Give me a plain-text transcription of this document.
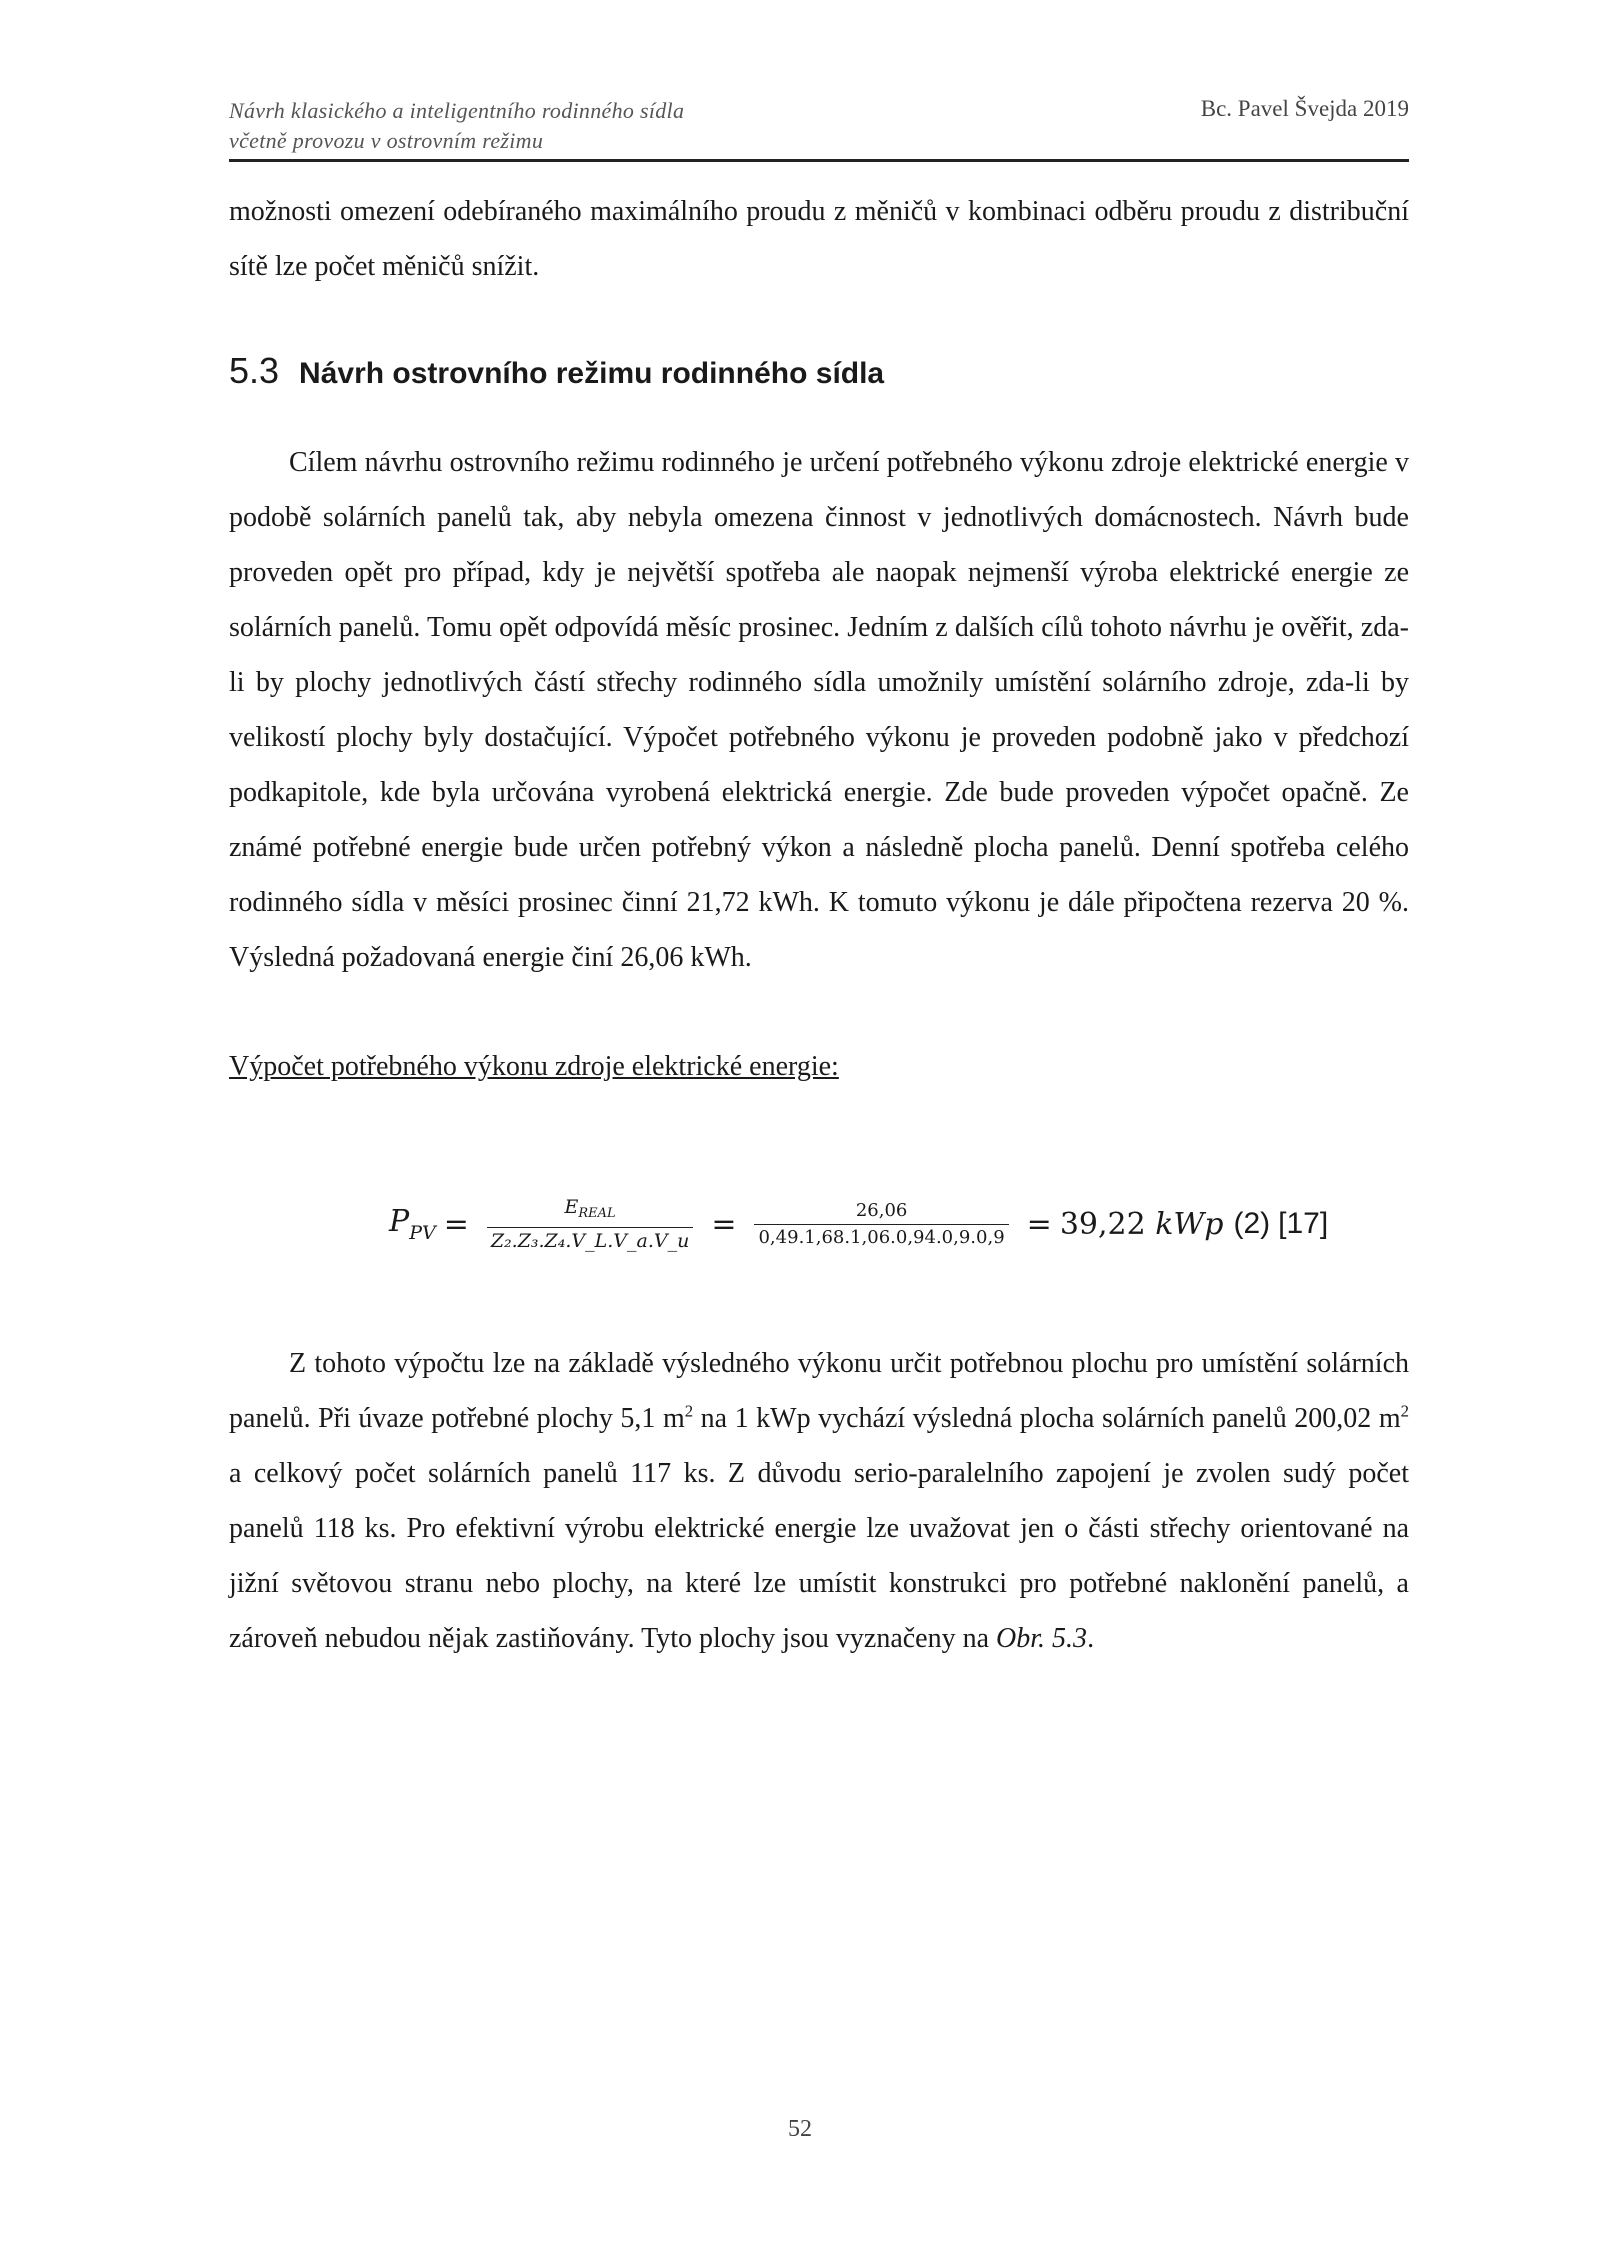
Návrh klasického a inteligentního rodinného sídla
včetně provozu v ostrovním režimu
Bc. Pavel Švejda 2019

možnosti omezení odebíraného maximálního proudu z měničů v kombinaci odběru proudu z distribuční sítě lze počet měničů snížit.

5.3 Návrh ostrovního režimu rodinného sídla

Cílem návrhu ostrovního režimu rodinného je určení potřebného výkonu zdroje elektrické energie v podobě solárních panelů tak, aby nebyla omezena činnost v jednotlivých domácnostech. Návrh bude proveden opět pro případ, kdy je největší spotřeba ale naopak nejmenší výroba elektrické energie ze solárních panelů. Tomu opět odpovídá měsíc prosinec. Jedním z dalších cílů tohoto návrhu je ověřit, zda-li by plochy jednotlivých částí střechy rodinného sídla umožnily umístění solárního zdroje, zda-li by velikostí plochy byly dostačující. Výpočet potřebného výkonu je proveden podobně jako v předchozí podkapitole, kde byla určována vyrobená elektrická energie. Zde bude proveden výpočet opačně. Ze známé potřebné energie bude určen potřebný výkon a následně plocha panelů. Denní spotřeba celého rodinného sídla v měsíci prosinec činní 21,72 kWh. K tomuto výkonu je dále připočtena rezerva 20 %. Výsledná požadovaná energie činí 26,06 kWh.

Výpočet potřebného výkonu zdroje elektrické energie:
$P_{PV} = \frac{E_{REAL}}{\text{Z₂.Z₃.Z₄.V\_L.V\_a.V\_u}} = \frac{26,06}{0,49.1,68.1,06.0,94.0,9.0,9} = 39,22$
kWp (2) [17]

Z tohoto výpočtu lze na základě výsledného výkonu určit potřebnou plochu pro umístění solárních panelů. Při úvaze potřebné plochy 5,1 $m^2$ na 1 kWp vychází výsledná plocha solárních panelů 200,02 $m^2$ a celkový počet solárních panelů 117 ks. Z důvodu serio-paralelního zapojení je zvolen sudý počet panelů 118 ks. Pro efektivní výrobu elektrické energie lze uvažovat jen o části střechy orientované na jižní světovou stranu nebo plochy, na které lze umístit konstrukci pro potřebné naklonění panelů, a zároveň nebudou nějak zastiňovány. Tyto plochy jsou vyznačeny na Obr. 5.3.

52
